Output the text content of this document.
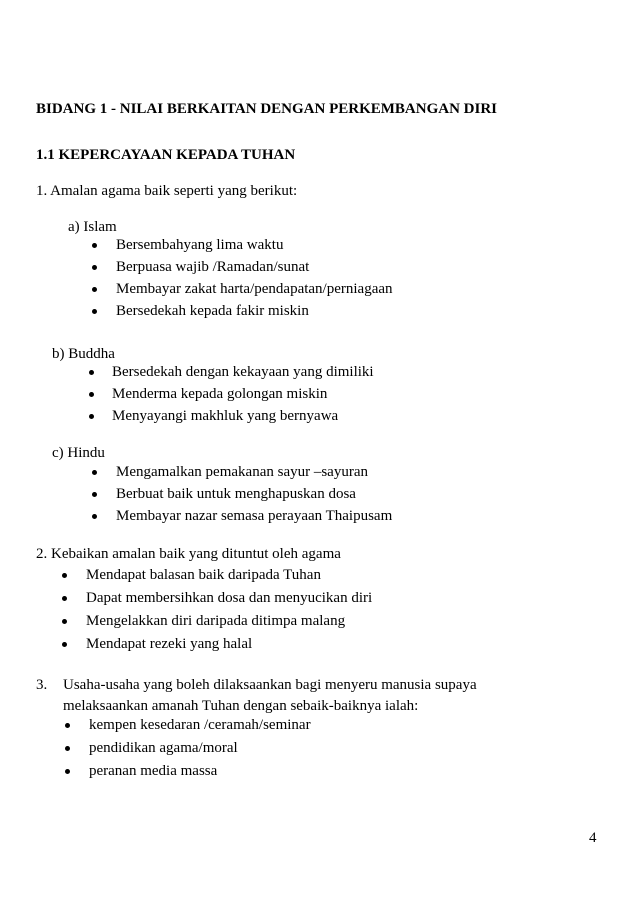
BIDANG 1 - NILAI BERKAITAN DENGAN PERKEMBANGAN DIRI
1.1 KEPERCAYAAN KEPADA TUHAN
1. Amalan agama baik seperti yang berikut:
a) Islam
Bersembahyang lima waktu
Berpuasa wajib /Ramadan/sunat
Membayar zakat harta/pendapatan/perniagaan
Bersedekah kepada fakir miskin
b) Buddha
Bersedekah dengan kekayaan yang dimiliki
Menderma kepada golongan miskin
Menyayangi makhluk yang bernyawa
c) Hindu
Mengamalkan pemakanan sayur –sayuran
Berbuat baik untuk menghapuskan dosa
Membayar nazar semasa perayaan Thaipusam
2. Kebaikan amalan baik yang dituntut oleh agama
Mendapat balasan baik daripada Tuhan
Dapat membersihkan dosa dan menyucikan diri
Mengelakkan diri daripada ditimpa malang
Mendapat rezeki yang halal
3. Usaha-usaha yang boleh dilaksaankan bagi menyeru manusia supaya
melaksaankan amanah Tuhan dengan sebaik-baiknya ialah:
kempen kesedaran /ceramah/seminar
pendidikan agama/moral
peranan media massa
4
